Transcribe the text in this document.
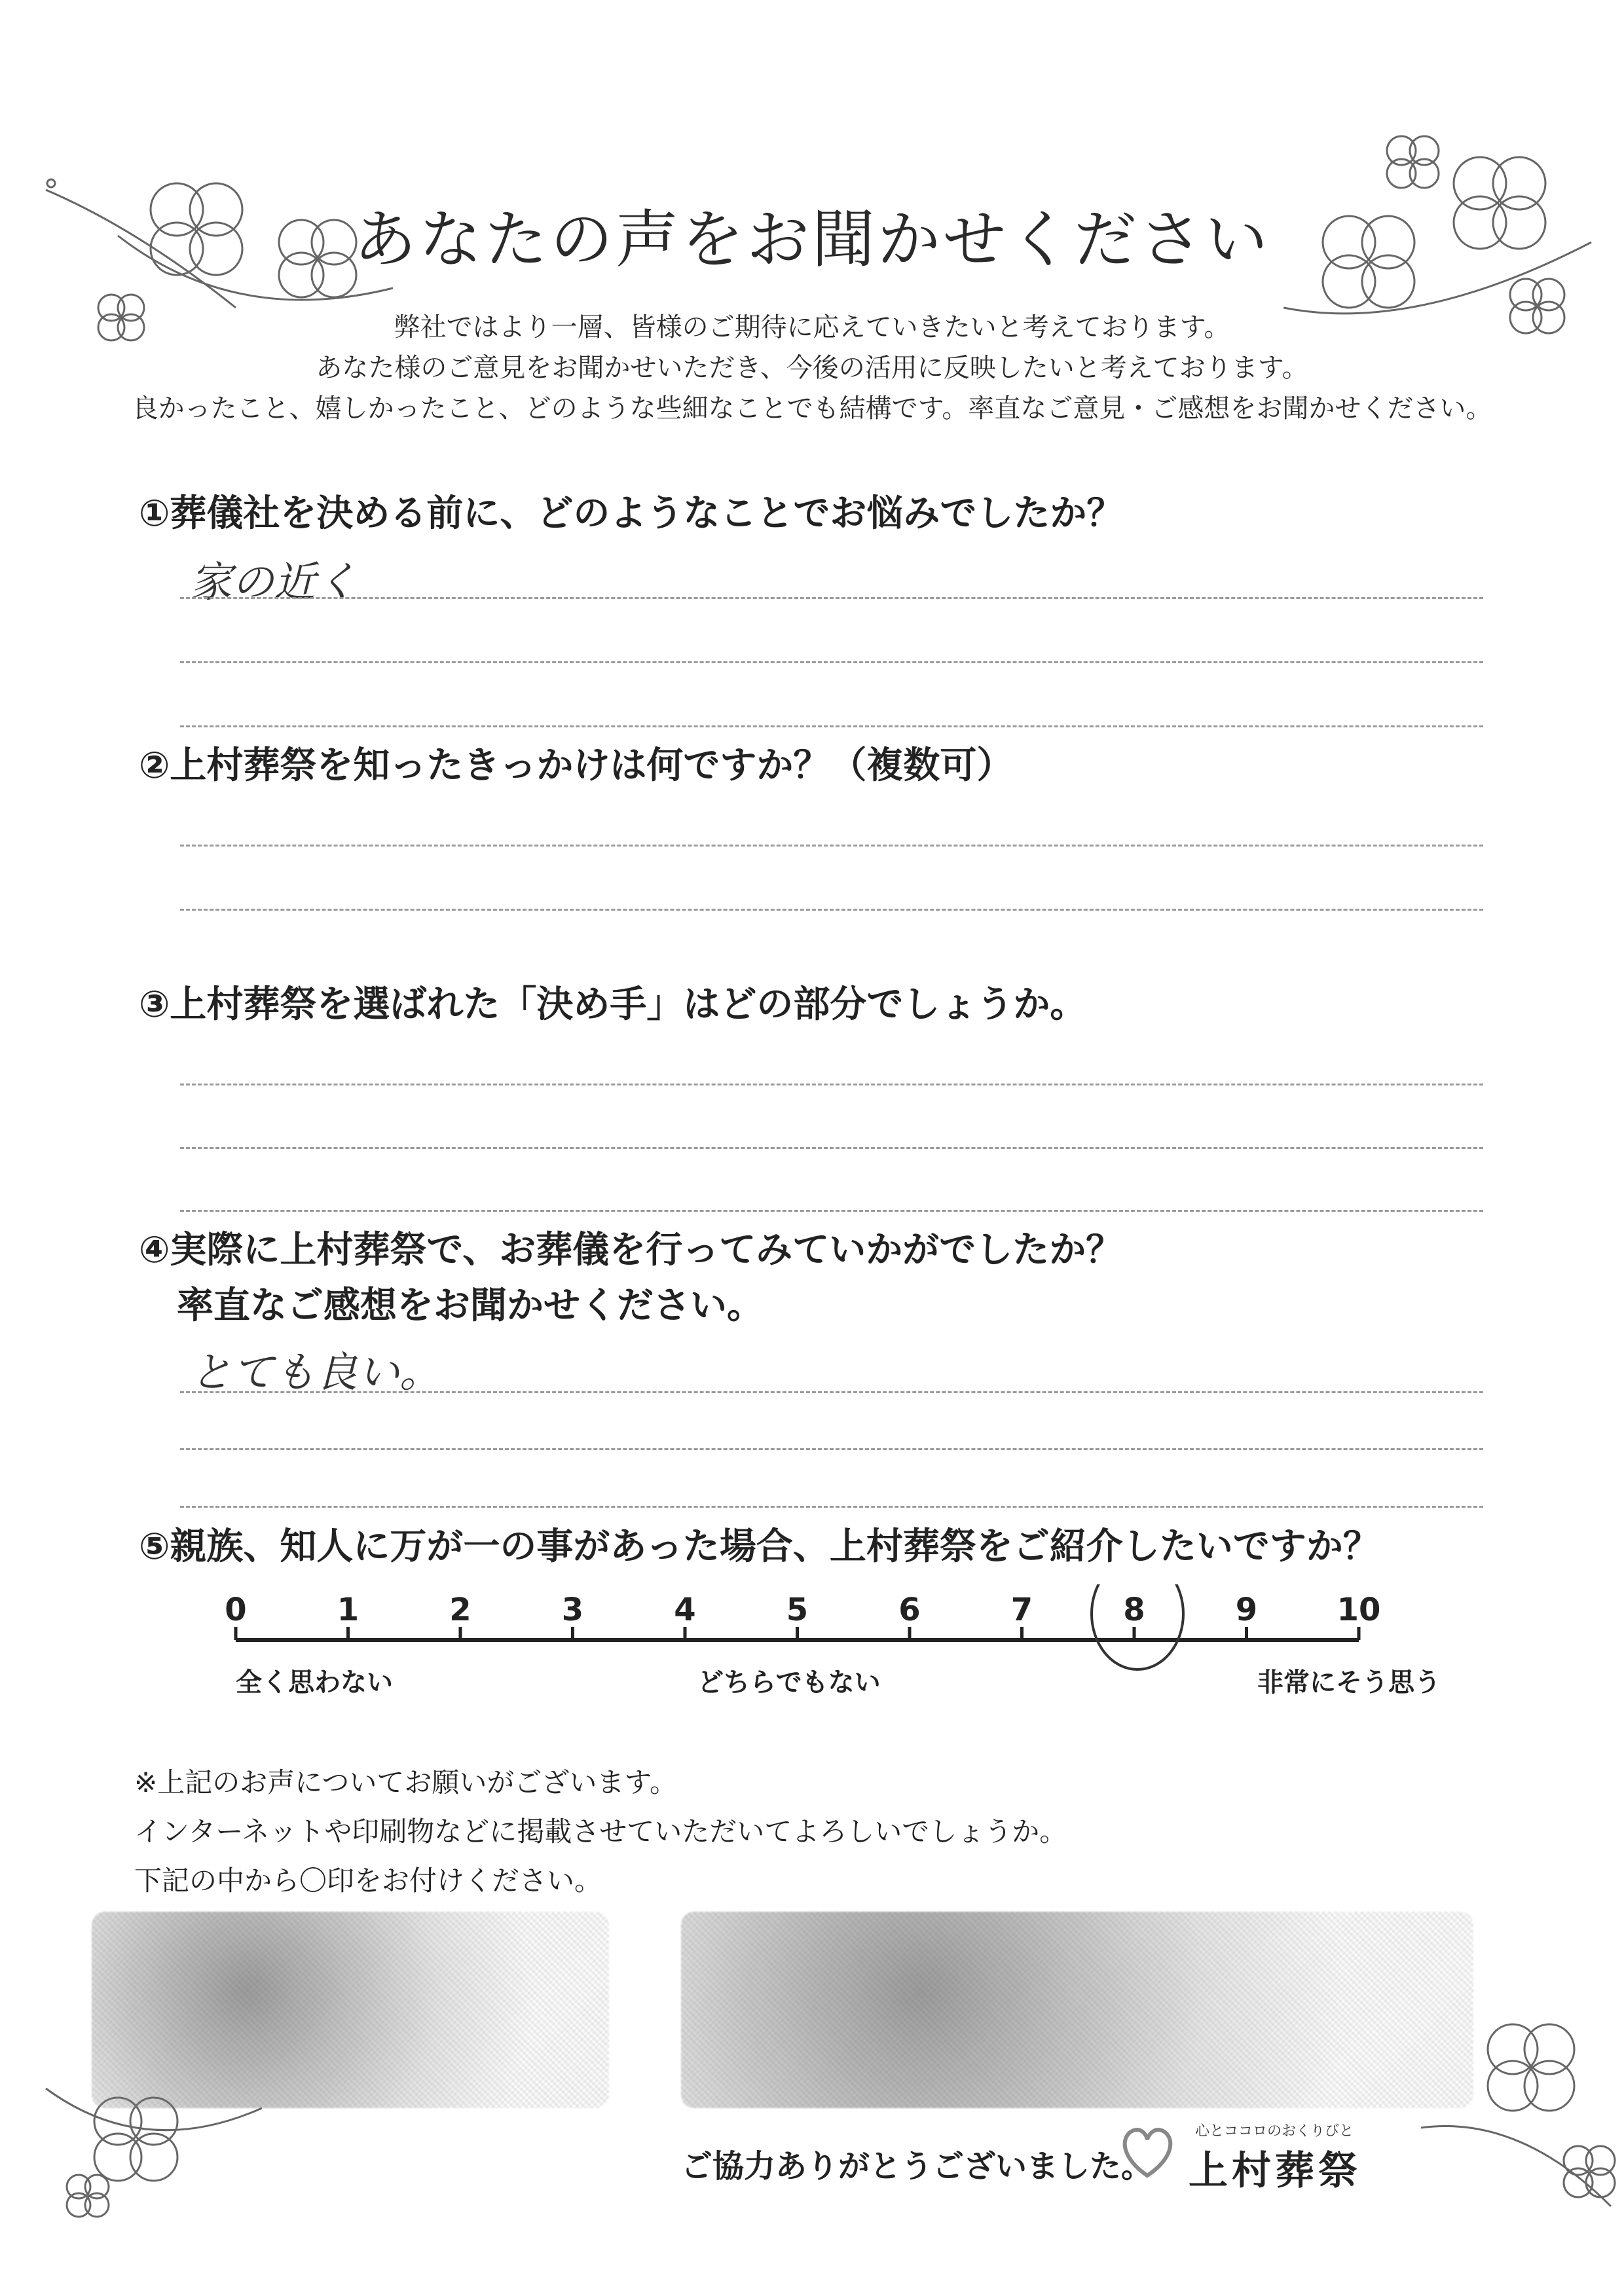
あなたの声をお聞かせください
弊社ではより一層、皆様のご期待に応えていきたいと考えております。
あなた様のご意見をお聞かせいただき、今後の活用に反映したいと考えております。
良かったこと、嬉しかったこと、どのような些細なことでも結構です。率直なご意見・ご感想をお聞かせください。
①葬儀社を決める前に、どのようなことでお悩みでしたか？
家の近く
②上村葬祭を知ったきっかけは何ですか？（複数可）
③上村葬祭を選ばれた「決め手」はどの部分でしょうか。
④実際に上村葬祭で、お葬儀を行ってみていかがでしたか？
率直なご感想をお聞かせください。
とても良い。
⑤親族、知人に万が一の事があった場合、上村葬祭をご紹介したいですか？
0	1	2	3	4	5	6	7	8	9	10
全く思わない	どちらでもない	非常にそう思う
※上記のお声についてお願いがございます。
インターネットや印刷物などに掲載させていただいてよろしいでしょうか。
下記の中から〇印をお付けください。
ご協力ありがとうございました。
心とココロのおくりびと
上村葬祭
